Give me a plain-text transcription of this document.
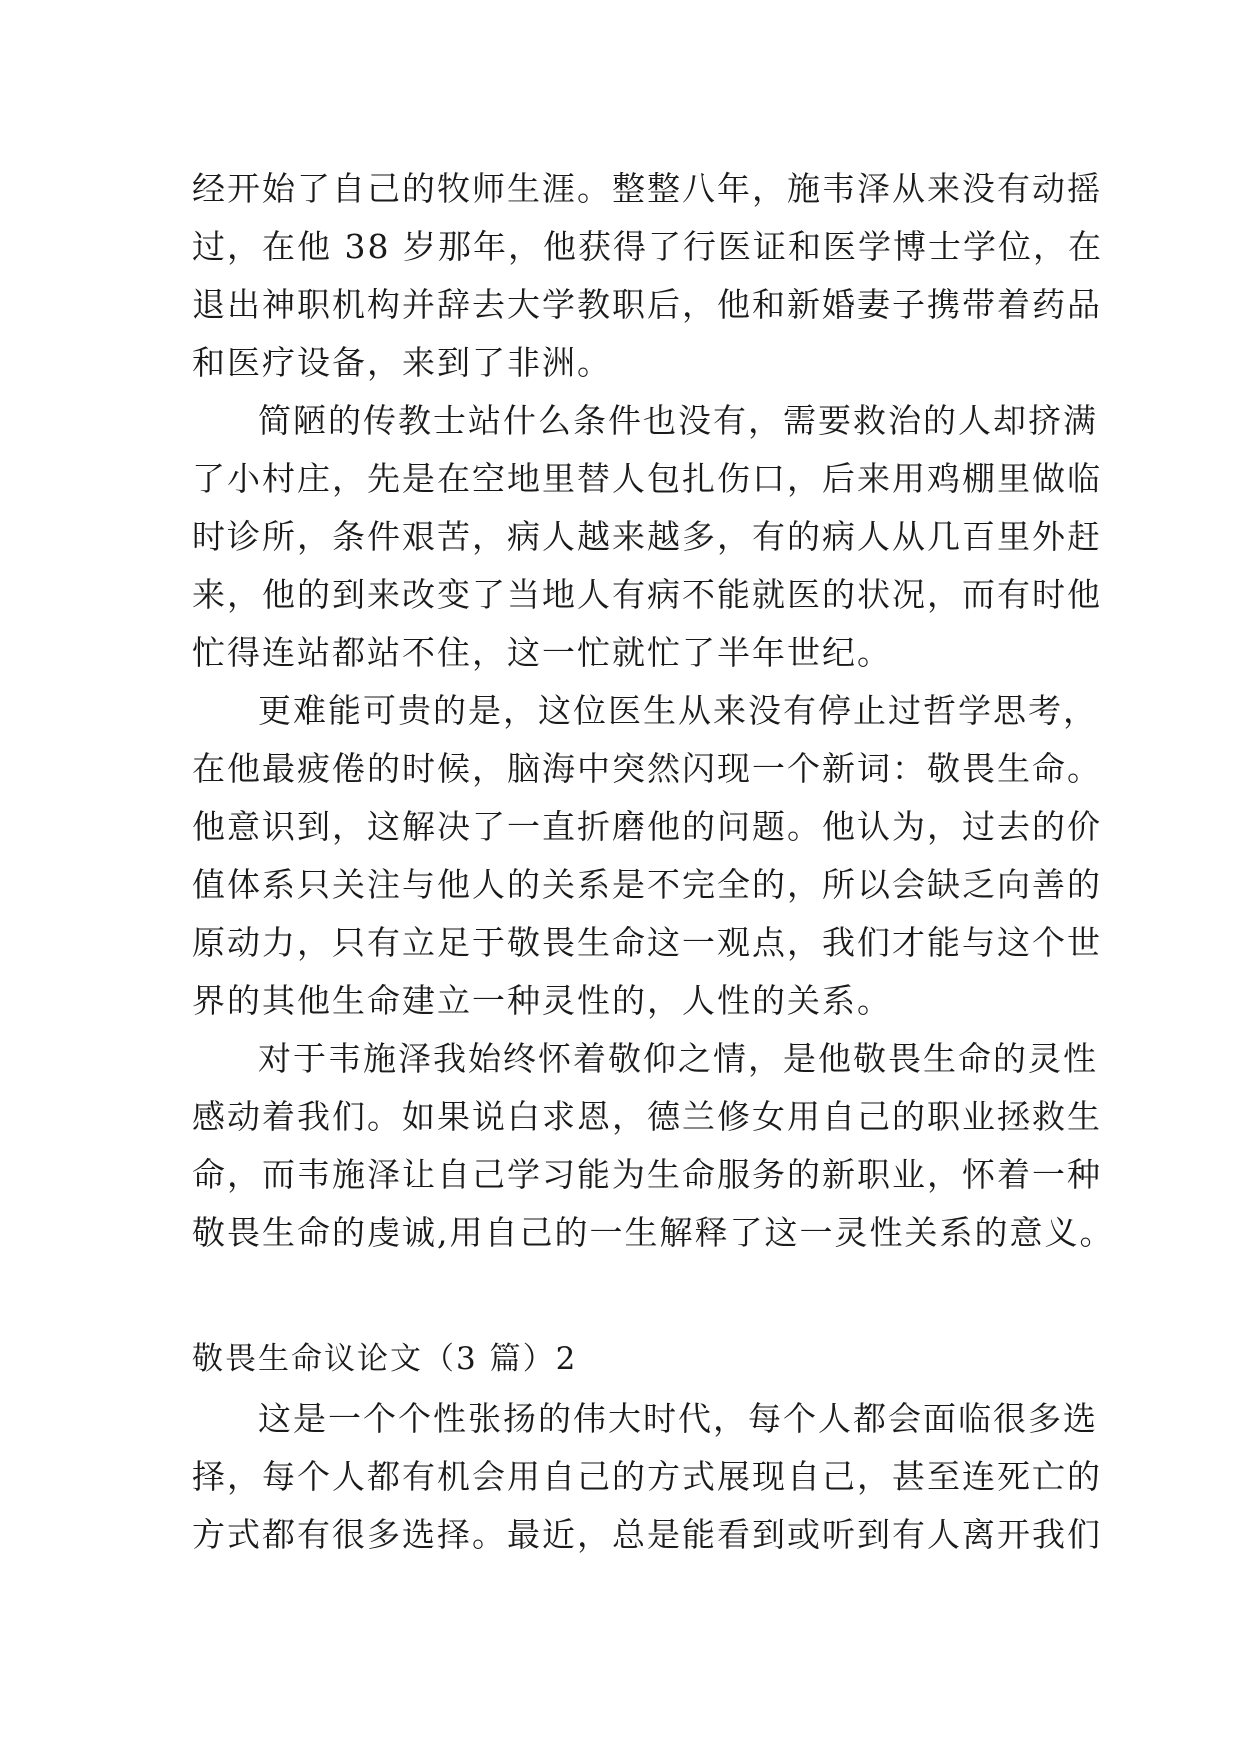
经开始了自己的牧师生涯。整整八年，施韦泽从来没有动摇
过，在他 38 岁那年，他获得了行医证和医学博士学位，在
退出神职机构并辞去大学教职后，他和新婚妻子携带着药品
和医疗设备，来到了非洲。
简陋的传教士站什么条件也没有，需要救治的人却挤满
了小村庄，先是在空地里替人包扎伤口，后来用鸡棚里做临
时诊所，条件艰苦，病人越来越多，有的病人从几百里外赶
来，他的到来改变了当地人有病不能就医的状况，而有时他
忙得连站都站不住，这一忙就忙了半年世纪。
更难能可贵的是，这位医生从来没有停止过哲学思考，
在他最疲倦的时候，脑海中突然闪现一个新词：敬畏生命。
他意识到，这解决了一直折磨他的问题。他认为，过去的价
值体系只关注与他人的关系是不完全的，所以会缺乏向善的
原动力，只有立足于敬畏生命这一观点，我们才能与这个世
界的其他生命建立一种灵性的，人性的关系。
对于韦施泽我始终怀着敬仰之情，是他敬畏生命的灵性
感动着我们。如果说白求恩，德兰修女用自己的职业拯救生
命，而韦施泽让自己学习能为生命服务的新职业，怀着一种
敬畏生命的虔诚,用自己的一生解释了这一灵性关系的意义。
敬畏生命议论文（3 篇）2
这是一个个性张扬的伟大时代，每个人都会面临很多选
择，每个人都有机会用自己的方式展现自己，甚至连死亡的
方式都有很多选择。最近，总是能看到或听到有人离开我们
